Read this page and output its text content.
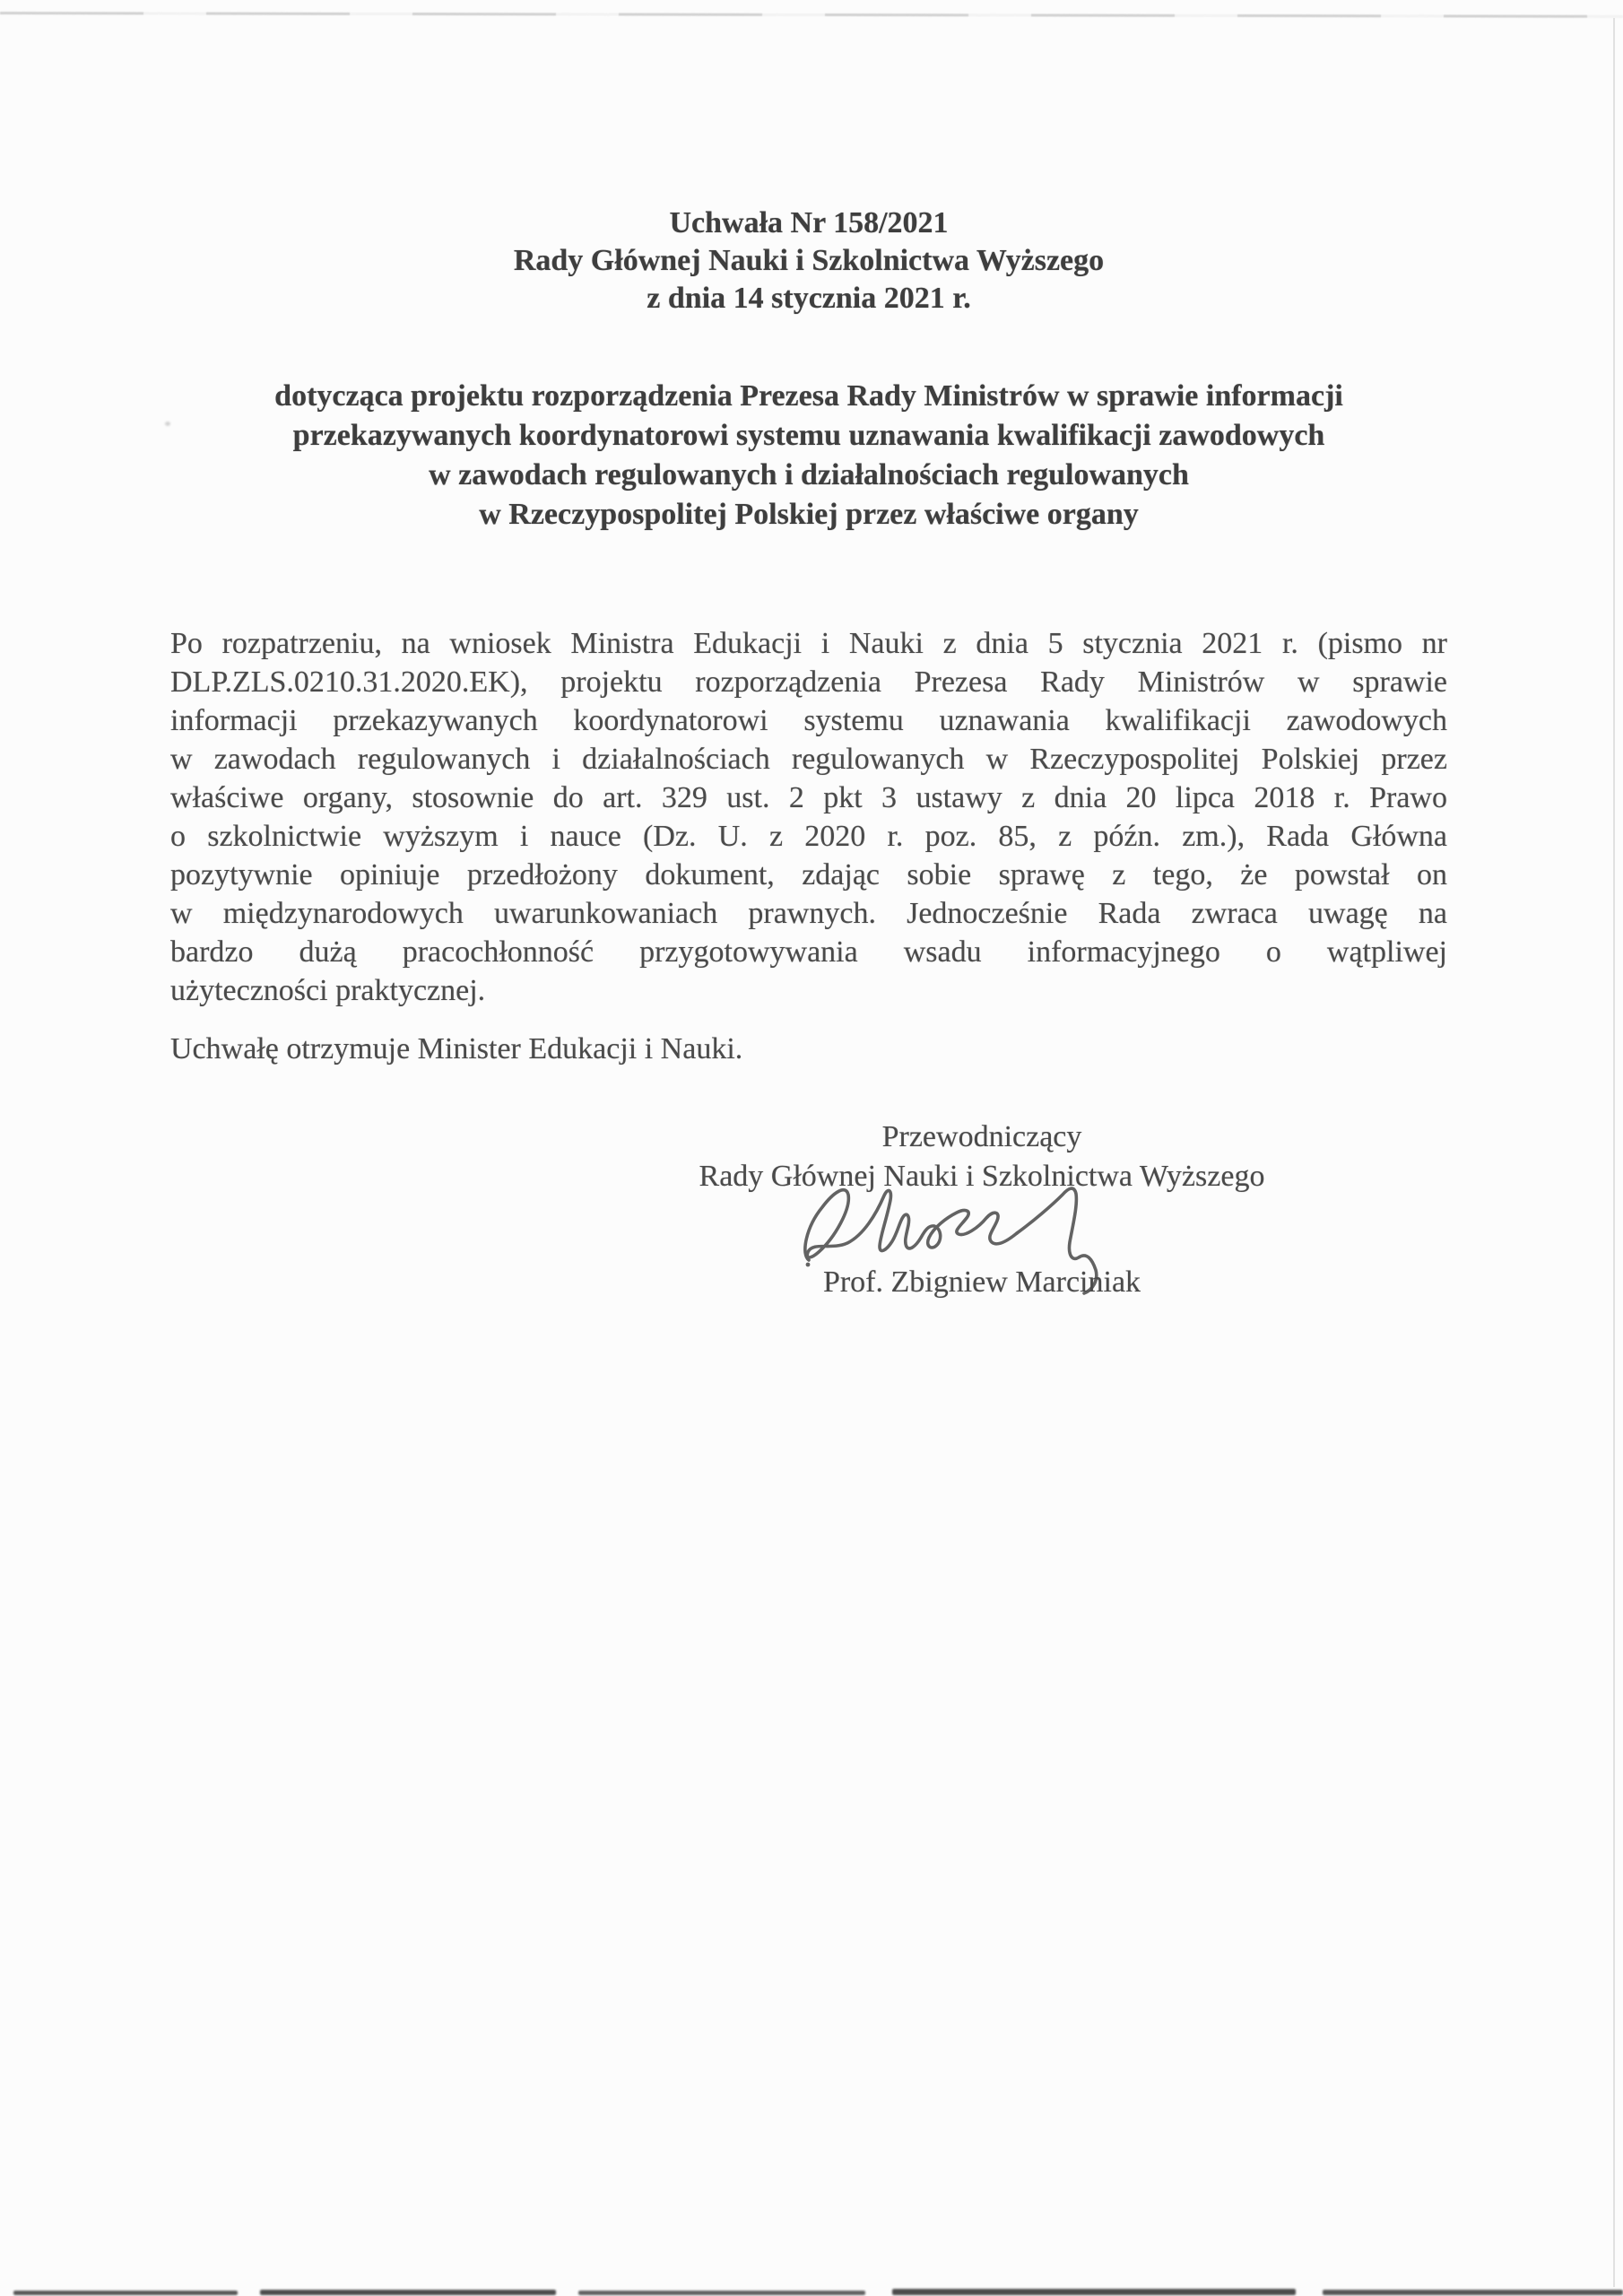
Uchwała Nr 158/2021
Rady Głównej Nauki i Szkolnictwa Wyższego
z dnia 14 stycznia 2021 r.
dotycząca projektu rozporządzenia Prezesa Rady Ministrów w sprawie informacji
przekazywanych koordynatorowi systemu uznawania kwalifikacji zawodowych
w zawodach regulowanych i działalnościach regulowanych
w Rzeczypospolitej Polskiej przez właściwe organy
Po rozpatrzeniu, na wniosek Ministra Edukacji i Nauki z dnia 5 stycznia 2021 r. (pismo nr
DLP.ZLS.0210.31.2020.EK), projektu rozporządzenia Prezesa Rady Ministrów w sprawie
informacji przekazywanych koordynatorowi systemu uznawania kwalifikacji zawodowych
w zawodach regulowanych i działalnościach regulowanych w Rzeczypospolitej Polskiej przez
właściwe organy, stosownie do art. 329 ust. 2 pkt 3 ustawy z dnia 20 lipca 2018 r. Prawo
o szkolnictwie wyższym i nauce (Dz. U. z 2020 r. poz. 85, z późn. zm.), Rada Główna
pozytywnie opiniuje przedłożony dokument, zdając sobie sprawę z tego, że powstał on
w międzynarodowych uwarunkowaniach prawnych. Jednocześnie Rada zwraca uwagę na
bardzo dużą pracochłonność przygotowywania wsadu informacyjnego o wątpliwej
użyteczności praktycznej.
Uchwałę otrzymuje Minister Edukacji i Nauki.
Przewodniczący
Rady Głównej Nauki i Szkolnictwa Wyższego
Prof. Zbigniew Marciniak
